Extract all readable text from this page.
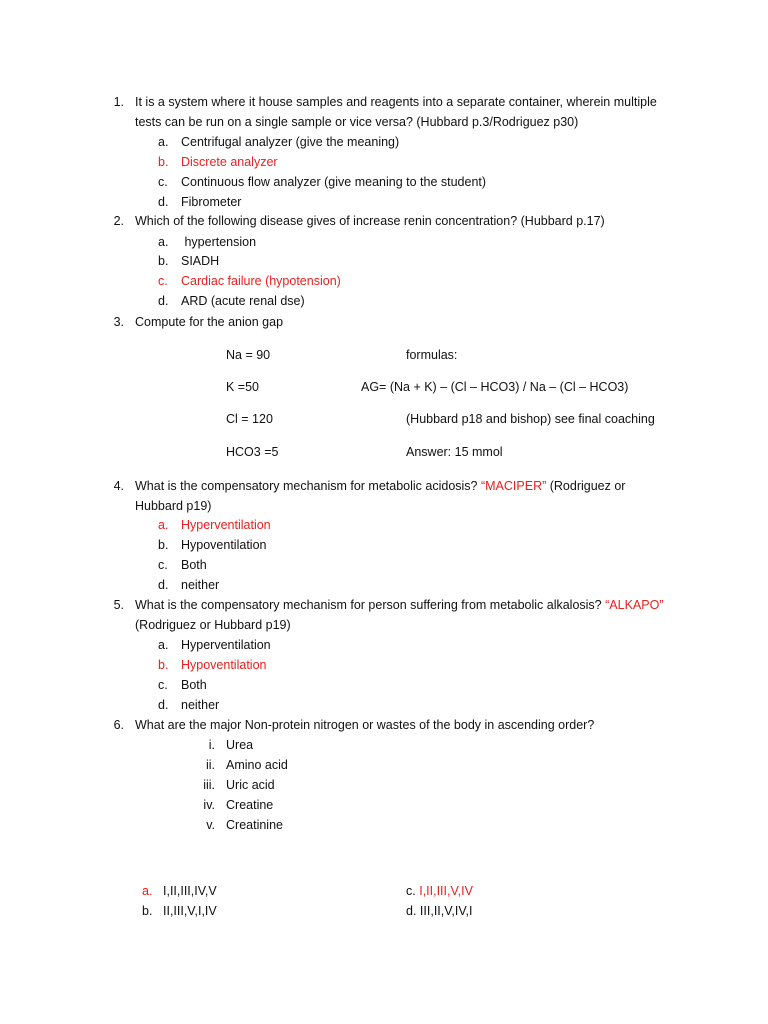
1. It is a system where it house samples and reagents into a separate container, wherein multiple
tests can be run on a single sample or vice versa? (Hubbard p.3/Rodriguez p30)
a. Centrifugal analyzer (give the meaning)
b. Discrete analyzer
c. Continuous flow analyzer (give meaning to the student)
d. Fibrometer
2. Which of the following disease gives of increase renin concentration? (Hubbard p.17)
a. hypertension
b. SIADH
c. Cardiac failure (hypotension)
d. ARD (acute renal dse)
3. Compute for the anion gap
Na = 90	formulas:
K =50	AG= (Na + K) – (Cl – HCO3) / Na – (Cl – HCO3)
Cl = 120	(Hubbard p18 and bishop) see final coaching
HCO3 =5	Answer: 15 mmol
4. What is the compensatory mechanism for metabolic acidosis? “MACIPER” (Rodriguez or
Hubbard p19)
a. Hyperventilation
b. Hypoventilation
c. Both
d. neither
5. What is the compensatory mechanism for person suffering from metabolic alkalosis? “ALKAPO”
(Rodriguez or Hubbard p19)
a. Hyperventilation
b. Hypoventilation
c. Both
d. neither
6. What are the major Non-protein nitrogen or wastes of the body in ascending order?
i. Urea
ii. Amino acid
iii. Uric acid
iv. Creatine
v. Creatinine
a. I,II,III,IV,V	c. I,II,III,V,IV
b. II,III,V,I,IV	d. III,II,V,IV,I
